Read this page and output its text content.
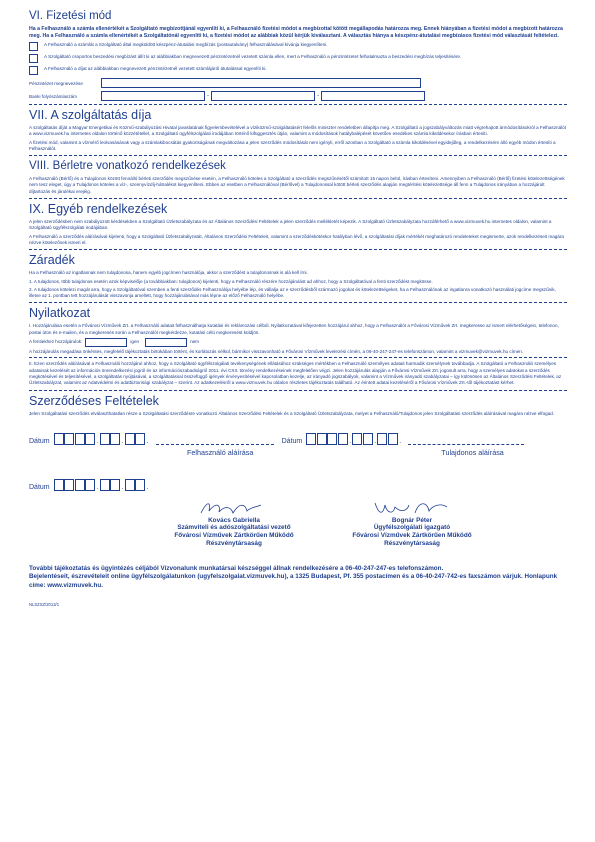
VI. Fizetési mód

Ha a Felhasználó a számla ellenértékét a Szolgáltató megbízottjánál egyenlíti ki, a Felhasználó fizetési módot a megbízottal kötött megállapodás határozza meg. Ennek hiányában a fizetési módot a megbízott határozza meg. Ha a Felhasználó a számla ellenértékét a Szolgáltatónál egyenlíti ki, a fizetési módot az alábbiak közül kérjük kiválasztani. A választás hiánya a készpénz-átutalási megbízásos fizetési mód választását feltételezi.

A Felhasználó a számlát a Szolgáltató által megküldött készpénz-átutalási megbízás (postautalvány) felhasználásával kívánja kiegyenlíteni.
A Szolgáltató csoportos beszedési megbízást állít ki az alábbiakban megnevezett pénzintézetnél vezetett számla ellen, mert a Felhasználó a pénzintézetet felhatalmazta a beszedési megbízás teljesítésére.
A Felhasználó a díjat az alábbiakban megnevezett pénzintézetnél vezetett számlájáról átutalással egyenlíti ki.
Pénzintézet megnevezése
Banki folyószámlaszám	-	-
VII. A szolgáltatás díja

A szolgáltatás díját a Magyar Energetikai és Közmű-szabályozási Hivatal javaslatának figyelembevételével a víziközmű-szolgáltatásért felelős miniszter rendeletben állapítja meg. A Szolgáltató a jogszabályváltozás miatt végrehajtott ármódosításokról a Felhasználót a www.vizmuvek.hu internetes oldalon történő közzététellel, a Szolgáltató ügyfélszolgálati irodájában történő kifüggesztés útján, valamint a módosítások hatálybalépését követően esedékes számla kiküldésekor írásban értesíti.

A fizetési mód, valamint a vízmérő leolvasásának vagy a számlakibocsátás gyakoriságának megváltozása a jelen szerződés módosítását nem igényli, erről azonban a Szolgáltató a számla kiküldésével egyidejűleg, a rendelkezésére álló egyéb módon értesíti a Felhasználót.

VIII. Bérletre vonatkozó rendelkezések

A Felhasználó (Bérlő) és a Tulajdonos között fennálló bérleti szerződés megszűnése esetén, a Felhasználó köteles a Szolgáltató a szerződés megszűnésétől számított 15 napon belül, írásban értesíteni. Amennyiben a Felhasználó (Bérlő) fizetési kötelezettségének nem tesz eleget, úgy a Tulajdonos köteles a víz-, szennyvízdíj-hátralékot kiegyenlíteni. Ebben az esetben a Felhasználóval (Bérlővel) a Tulajdonossal kötött bérleti szerződés alapján megtérítési kötelezettsége áll fenn a Tulajdonos irányában a hozzájárult díjtartozás és járulékai erejéig.

IX. Egyéb rendelkezések

A jelen szerződésben nem szabályozott kérdésekben a Szolgáltató Üzletszabályzata és az Általános Szerződési Feltételek a jelen szerződés mellékletét képezik. A Szolgáltató Üzletszabályzata hozzáférhető a www.vizmuvek.hu internetes oldalon, valamint a Szolgáltató ügyfélszolgálati irodájában.

A Felhasználó a szerződés aláírásával kijelenti, hogy a Szolgáltató Üzletszabályzatát, Általános Szerződési Feltételeit, valamint a szerződéskötéskor hatályban lévő, a szolgáltatási díjak mértékét meghatározó rendeleteket megismerte, azok rendelkezéseit magára nézve kötelezőnek ismeri el.

Záradék

Ha a Felhasználó az ingatlannak nem tulajdonosa, hanem egyéb jogcímen használója, akkor a szerződést a tulajdonosnak is alá kell írni.

1. A tulajdonos, több tulajdonos esetén azok képviselője (a továbbiakban: tulajdonos) kijelenti, hogy a Felhasználó részére hozzájárulást ad ahhoz, hogy a Szolgáltatóval a fenti szerződést megkösse.

2. A tulajdonos kötelezi magát arra, hogy a Szolgáltatóval szemben a fenti szerződés Felhasználója helyébe lép, és vállalja az e szerződésből származó jogokat és kötelezettségeket, ha a Felhasználónak az ingatlanra vonatkozó használati jogcíme megszűnik, illetve az 1. pontban tett hozzájárulását visszavonja amellett, hogy hozzájárulásával más lépne az előző Felhasználó helyébe.

Nyilatkozat

I. Hozzájárulása esetén a Fővárosi Vízművek Zrt. a Felhasználó adatait felhasználhatja kutatási és reklámozási célból. Nyilatkozatával kifejezetten hozzájárul ahhoz, hogy a Felhasználót a Fővárosi Vízművek Zrt. megkeresse az ismert elérhetőségein, telefonon, postai úton és e-mailen, és a megkeresés során a Felhasználót megkérdezze, kutatási célú megkeresést küldjön.

A fentiekhez hozzájárulok:	igen	nem

A hozzájárulás megadása önkéntes, megfelelő tájékoztatás birtokában történt, és korlátozás nélkül, bármikor visszavonható a Fővárosi Vízművek levelezési címén, a 06-40-247-247-es telefonszámon, valamint a vizmuvek@vizmuvek.hu címen.

II. Ezen szerződés aláírásával a Felhasználó hozzájárul ahhoz, hogy a Szolgáltató ügyfélszolgálati tevékenységének ellátásához szükséges mértékben a Felhasználó személyes adatait harmadik személynek továbbadja. A Szolgáltató a Felhasználó személyes adatainak kezelését az információs önrendelkezési jogról és az információszabadságról 2011. évi CXII. törvény rendelkezéseinek megfelelően végzi. Jelen hozzájárulás alapján a Fővárosi Vízművek Zrt. jogosult arra, hogy a személyes adatokat a szerződés megkötésével és teljesítésével, a szolgáltatás nyújtásával, a szolgáltatással összefüggő igények érvényesítésével kapcsolatban kezelje, az irányadó jogszabályok, valamint a Vízművek irányadó szabályzatai – így különösen az Általános Szerződési Feltételek, az Üzletszabályzat, valamint az Adatvédelmi és adatbiztonsági szabályzat – szerint. Az adatkezelésről a www.vizmuvek.hu oldalon részletes tájékoztatás található. Az érintett adatai kezeléséről a Fővárosi Vízművek Zrt.-től tájékoztatást kérhet.

Szerződéses Feltételek

Jelen Szolgáltatási szerződés elválaszthatatlan része a Szolgáltatási szerződésre vonatkozó Általános Szerződési Feltételek és a Szolgáltató Üzletszabályzata, melyet a Felhasználó/Tulajdonos jelen Szolgáltatási szerződés aláírásával magára nézve elfogad.

Dátum	.	.	.	Dátum	.	.	.
Felhasználó aláírása	Tulajdonos aláírása
Dátum	.	.	.
Kovács Gabriella
Számviteli és adószolgáltatási vezető
Fővárosi Vízművek Zártkörűen Működő
Részvénytársaság
Bognár Péter
Ügyfélszolgálati igazgató
Fővárosi Vízművek Zártkörűen Működő
Részvénytársaság
További tájékoztatás és ügyintézés céljából Vízvonalunk munkatársai készséggel állnak rendelkezésére a 06-40-247-247-es telefonszámon.
Bejelentéseit, észrevételeit online ügyfélszolgálatunkon (ugyfelszolgalat.vizmuvek.hu), a 1325 Budapest, Pf. 355 postacímen és a 06-40-247-742-es faxszámon várjuk. Honlapunk címe: www.vizmuvek.hu.
NLSZSZ/2013/1
